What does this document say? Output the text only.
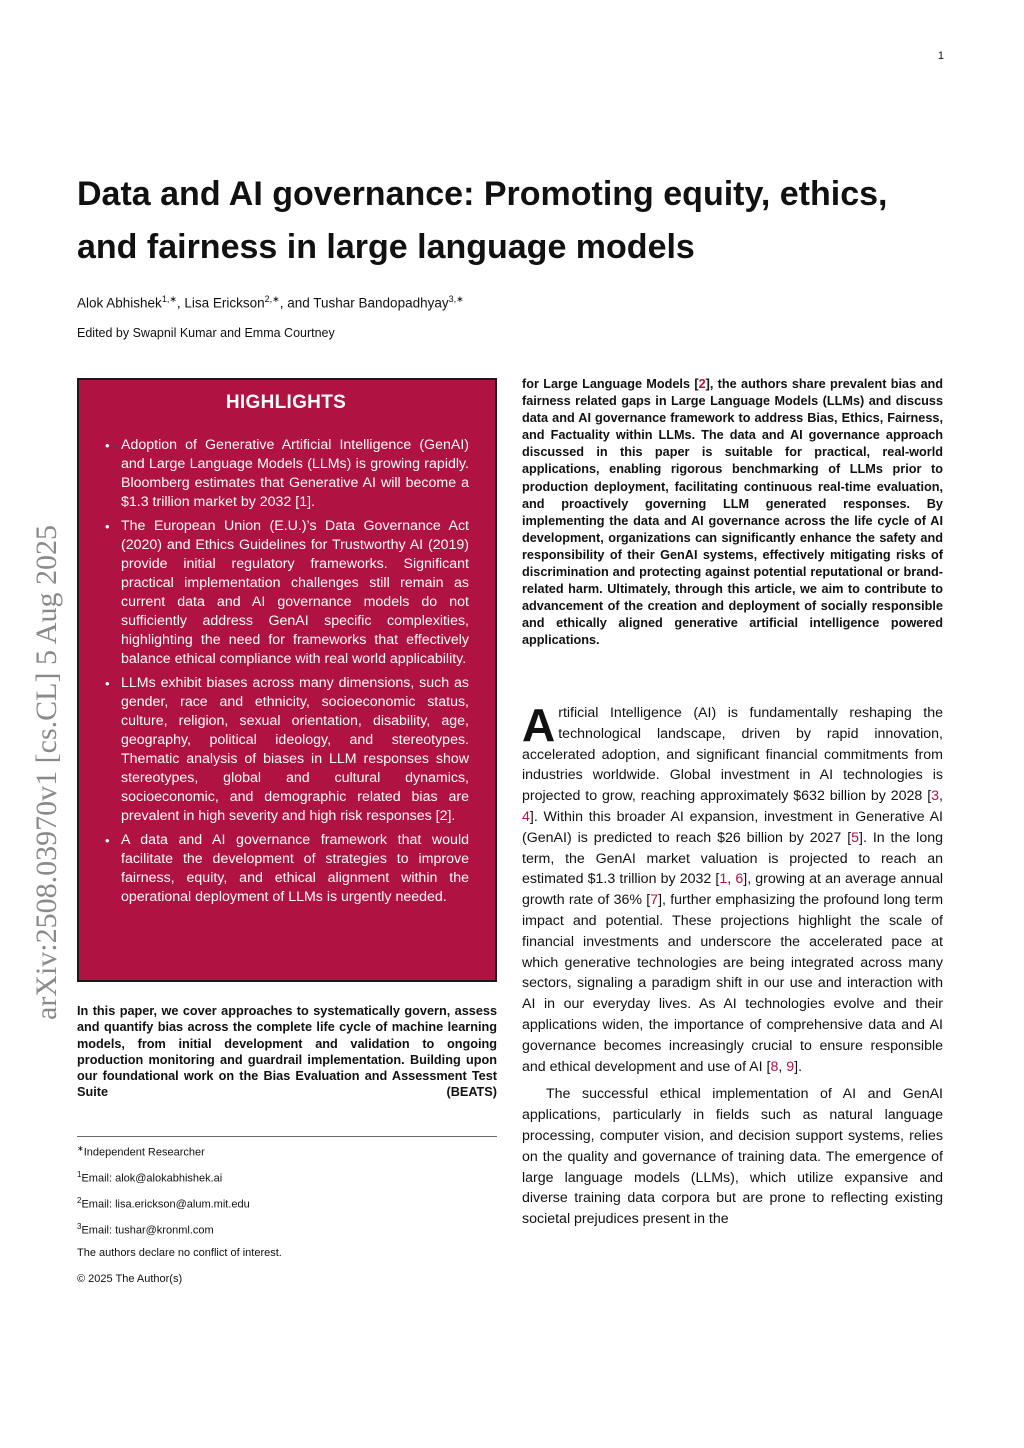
1
arXiv:2508.03970v1 [cs.CL] 5 Aug 2025
Data and AI governance: Promoting equity, ethics, and fairness in large language models
Alok Abhishek$^{1,∗}$, Lisa Erickson$^{2,∗}$, and Tushar Bandopadhyay$^{3,∗}$
Edited by Swapnil Kumar and Emma Courtney
HIGHLIGHTS
• Adoption of Generative Artificial Intelligence (GenAI) and Large Language Models (LLMs) is growing rapidly. Bloomberg estimates that Generative AI will become a $1.3 trillion market by 2032 [1].
• The European Union (E.U.)’s Data Governance Act (2020) and Ethics Guidelines for Trustworthy AI (2019) provide initial regulatory frameworks. Significant practical implementation challenges still remain as current data and AI governance models do not sufficiently address GenAI specific complexities, highlighting the need for frameworks that effectively balance ethical compliance with real world applicability.
• LLMs exhibit biases across many dimensions, such as gender, race and ethnicity, socioeconomic status, culture, religion, sexual orientation, disability, age, geography, political ideology, and stereotypes. Thematic analysis of biases in LLM responses show stereotypes, global and cultural dynamics, socioeconomic, and demographic related bias are prevalent in high severity and high risk responses [2].
• A data and AI governance framework that would facilitate the development of strategies to improve fairness, equity, and ethical alignment within the operational deployment of LLMs is urgently needed.

In this paper, we cover approaches to systematically govern, assess and quantify bias across the complete life cycle of machine learning models, from initial development and validation to ongoing production monitoring and guardrail implementation. Building upon our foundational work on the Bias Evaluation and Assessment Test Suite (BEATS)

∗Independent Researcher
$^1$Email: alok@alokabhishek.ai
$^2$Email: lisa.erickson@alum.mit.edu
$^3$Email: tushar@kronml.com
The authors declare no conflict of interest.
© 2025 The Author(s)

for Large Language Models [2], the authors share prevalent bias and fairness related gaps in Large Language Models (LLMs) and discuss data and AI governance framework to address Bias, Ethics, Fairness, and Factuality within LLMs. The data and AI governance approach discussed in this paper is suitable for practical, real-world applications, enabling rigorous benchmarking of LLMs prior to production deployment, facilitating continuous real-time evaluation, and proactively governing LLM generated responses. By implementing the data and AI governance across the life cycle of AI development, organizations can significantly enhance the safety and responsibility of their GenAI systems, effectively mitigating risks of discrimination and protecting against potential reputational or brand-related harm. Ultimately, through this article, we aim to contribute to advancement of the creation and deployment of socially responsible and ethically aligned generative artificial intelligence powered applications.

Artificial Intelligence (AI) is fundamentally reshaping the technological landscape, driven by rapid innovation, accelerated adoption, and significant financial commitments from industries worldwide. Global investment in AI technologies is projected to grow, reaching approximately $632 billion by 2028 [3, 4]. Within this broader AI expansion, investment in Generative AI (GenAI) is predicted to reach $26 billion by 2027 [5]. In the long term, the GenAI market valuation is projected to reach an estimated $1.3 trillion by 2032 [1, 6], growing at an average annual growth rate of 36% [7], further emphasizing the profound long term impact and potential. These projections highlight the scale of financial investments and underscore the accelerated pace at which generative technologies are being integrated across many sectors, signaling a paradigm shift in our use and interaction with AI in our everyday lives. As AI technologies evolve and their applications widen, the importance of comprehensive data and AI governance becomes increasingly crucial to ensure responsible and ethical development and use of AI [8, 9].

The successful ethical implementation of AI and GenAI applications, particularly in fields such as natural language processing, computer vision, and decision support systems, relies on the quality and governance of training data. The emergence of large language models (LLMs), which utilize expansive and diverse training data corpora but are prone to reflecting existing societal prejudices present in the
